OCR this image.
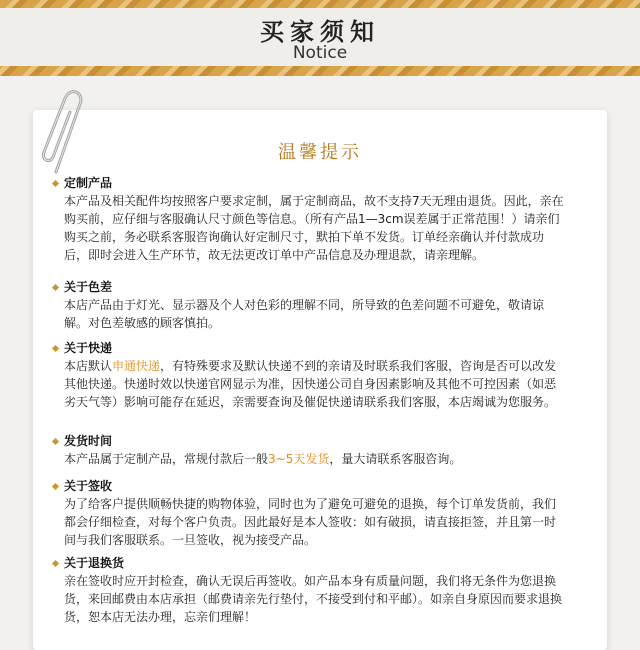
买家须知
Notice
温馨提示
定制产品
本产品及相关配件均按照客户要求定制，属于定制商品，故不支持7天无理由退货。因此，亲在购买前，应仔细与客服确认尺寸颜色等信息。（所有产品1—3cm误差属于正常范围！）请亲们购买之前，务必联系客服咨询确认好定制尺寸，默拍下单不发货。订单经亲确认并付款成功后，即时会进入生产环节，故无法更改订单中产品信息及办理退款，请亲理解。
关于色差
本店产品由于灯光、显示器及个人对色彩的理解不同，所导致的色差问题不可避免，敬请谅解。对色差敏感的顾客慎拍。
关于快递
本店默认申通快递，有特殊要求及默认快递不到的亲请及时联系我们客服，咨询是否可以改发其他快递。快递时效以快递官网显示为准，因快递公司自身因素影响及其他不可控因素（如恶劣天气等）影响可能存在延迟，亲需要查询及催促快递请联系我们客服，本店竭诚为您服务。
发货时间
本产品属于定制产品，常规付款后一般3~5天发货，量大请联系客服咨询。
关于签收
为了给客户提供顺畅快捷的购物体验，同时也为了避免可避免的退换，每个订单发货前，我们都会仔细检查，对每个客户负责。因此最好是本人签收：如有破损，请直接拒签，并且第一时间与我们客服联系。一旦签收，视为接受产品。
关于退换货
亲在签收时应开封检查，确认无误后再签收。如产品本身有质量问题，我们将无条件为您退换货，来回邮费由本店承担（邮费请亲先行垫付，不接受到付和平邮）。如亲自身原因而要求退换货，恕本店无法办理，忘亲们理解！
